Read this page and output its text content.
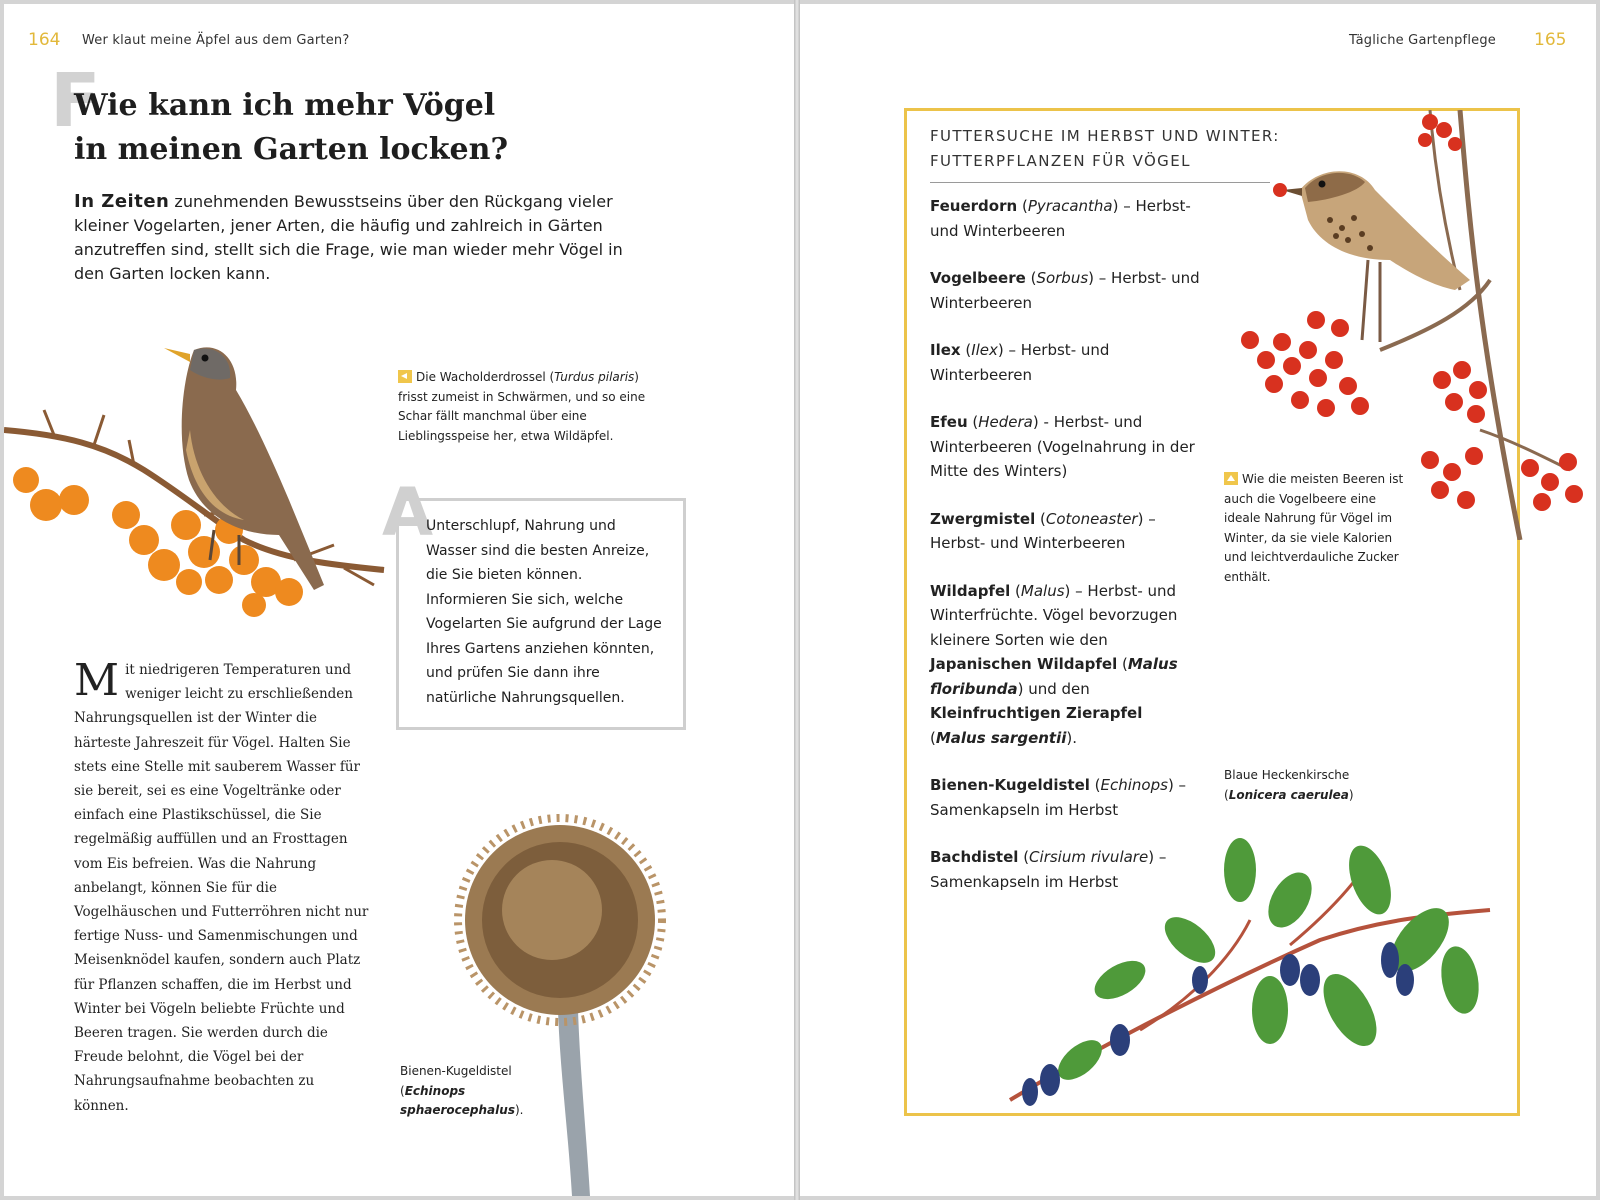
164 Wer klaut meine Äpfel aus dem Garten?
F
Wie kann ich mehr Vögel
in meinen Garten locken?

In Zeiten zunehmenden Bewusstseins über den Rückgang vieler kleiner Vogelarten, jener Arten, die häufig und zahlreich in Gärten anzutreffen sind, stellt sich die Frage, wie man wieder mehr Vögel in den Garten locken kann.

Die Wacholderdrossel (Turdus pilaris) frisst zumeist in Schwärmen, und so eine Schar fällt manchmal über eine Lieblingsspeise her, etwa Wildäpfel.

A

Unterschlupf, Nahrung und Wasser sind die besten Anreize, die Sie bieten können. Informieren Sie sich, welche Vogelarten Sie aufgrund der Lage Ihres Gartens anziehen könnten, und prüfen Sie dann ihre natürliche Nahrungsquellen.

Mit niedrigeren Temperaturen und weniger leicht zu erschließenden Nahrungsquellen ist der Winter die härteste Jahreszeit für Vögel. Halten Sie stets eine Stelle mit sauberem Wasser für sie bereit, sei es eine Vogeltränke oder einfach eine Plastikschüssel, die Sie regelmäßig auffüllen und an Frosttagen vom Eis befreien. Was die Nahrung anbelangt, können Sie für die Vogelhäuschen und Futterröhren nicht nur fertige Nuss- und Samenmischungen und Meisenknödel kaufen, sondern auch Platz für Pflanzen schaffen, die im Herbst und Winter bei Vögeln beliebte Früchte und Beeren tragen. Sie werden durch die Freude belohnt, die Vögel bei der Nahrungsaufnahme beobachten zu können.

Bienen-Kugeldistel
(Echinops sphaerocephalus).

Tägliche Gartenpflege 165
FUTTERSUCHE IM HERBST UND WINTER:
FUTTERPFLANZEN FÜR VÖGEL
Feuerdorn (Pyracantha) – Herbst- und Winterbeeren
Vogelbeere (Sorbus) – Herbst- und Winterbeeren
Ilex (Ilex) – Herbst- und Winterbeeren
Efeu (Hedera) - Herbst- und Winterbeeren (Vogelnahrung in der Mitte des Winters)
Zwergmistel (Cotoneaster) – Herbst- und Winterbeeren
Wildapfel (Malus) – Herbst- und Winterfrüchte. Vögel bevorzugen kleinere Sorten wie den Japanischen Wildapfel (Malus floribunda) und den Kleinfruchtigen Zierapfel (Malus sargentii).
Bienen-Kugeldistel (Echinops) – Samenkapseln im Herbst
Bachdistel (Cirsium rivulare) – Samenkapseln im Herbst

Wie die meisten Beeren ist auch die Vogelbeere eine ideale Nahrung für Vögel im Winter, da sie viele Kalorien und leichtverdauliche Zucker enthält.

Blaue Heckenkirsche
(Lonicera caerulea)
